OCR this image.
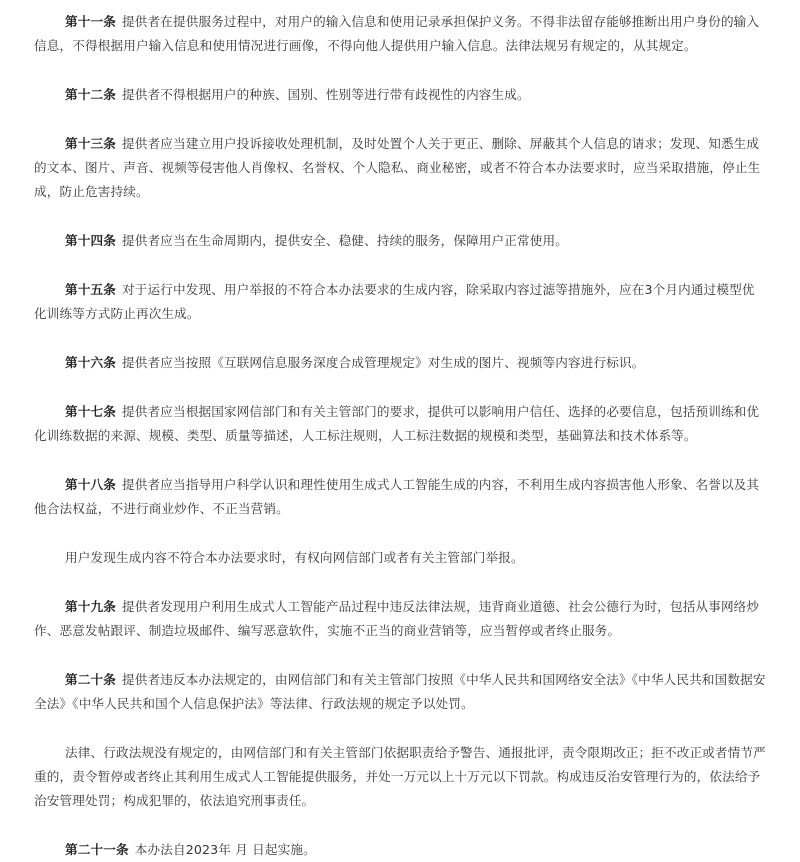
第十一条 提供者在提供服务过程中，对用户的输入信息和使用记录承担保护义务。不得非法留存能够推断出用户身份的输入信息，不得根据用户输入信息和使用情况进行画像，不得向他人提供用户输入信息。法律法规另有规定的，从其规定。

第十二条 提供者不得根据用户的种族、国别、性别等进行带有歧视性的内容生成。

第十三条 提供者应当建立用户投诉接收处理机制，及时处置个人关于更正、删除、屏蔽其个人信息的请求；发现、知悉生成的文本、图片、声音、视频等侵害他人肖像权、名誉权、个人隐私、商业秘密，或者不符合本办法要求时，应当采取措施，停止生成，防止危害持续。

第十四条 提供者应当在生命周期内，提供安全、稳健、持续的服务，保障用户正常使用。

第十五条 对于运行中发现、用户举报的不符合本办法要求的生成内容，除采取内容过滤等措施外，应在3个月内通过模型优化训练等方式防止再次生成。

第十六条 提供者应当按照《互联网信息服务深度合成管理规定》对生成的图片、视频等内容进行标识。

第十七条 提供者应当根据国家网信部门和有关主管部门的要求，提供可以影响用户信任、选择的必要信息，包括预训练和优化训练数据的来源、规模、类型、质量等描述，人工标注规则，人工标注数据的规模和类型，基础算法和技术体系等。

第十八条 提供者应当指导用户科学认识和理性使用生成式人工智能生成的内容，不利用生成内容损害他人形象、名誉以及其他合法权益，不进行商业炒作、不正当营销。

用户发现生成内容不符合本办法要求时，有权向网信部门或者有关主管部门举报。

第十九条 提供者发现用户利用生成式人工智能产品过程中违反法律法规，违背商业道德、社会公德行为时，包括从事网络炒作、恶意发帖跟评、制造垃圾邮件、编写恶意软件，实施不正当的商业营销等，应当暂停或者终止服务。

第二十条 提供者违反本办法规定的，由网信部门和有关主管部门按照《中华人民共和国网络安全法》《中华人民共和国数据安全法》《中华人民共和国个人信息保护法》等法律、行政法规的规定予以处罚。

法律、行政法规没有规定的，由网信部门和有关主管部门依据职责给予警告、通报批评，责令限期改正；拒不改正或者情节严重的，责令暂停或者终止其利用生成式人工智能提供服务，并处一万元以上十万元以下罚款。构成违反治安管理行为的，依法给予治安管理处罚；构成犯罪的，依法追究刑事责任。

第二十一条 本办法自2023年 月 日起实施。
